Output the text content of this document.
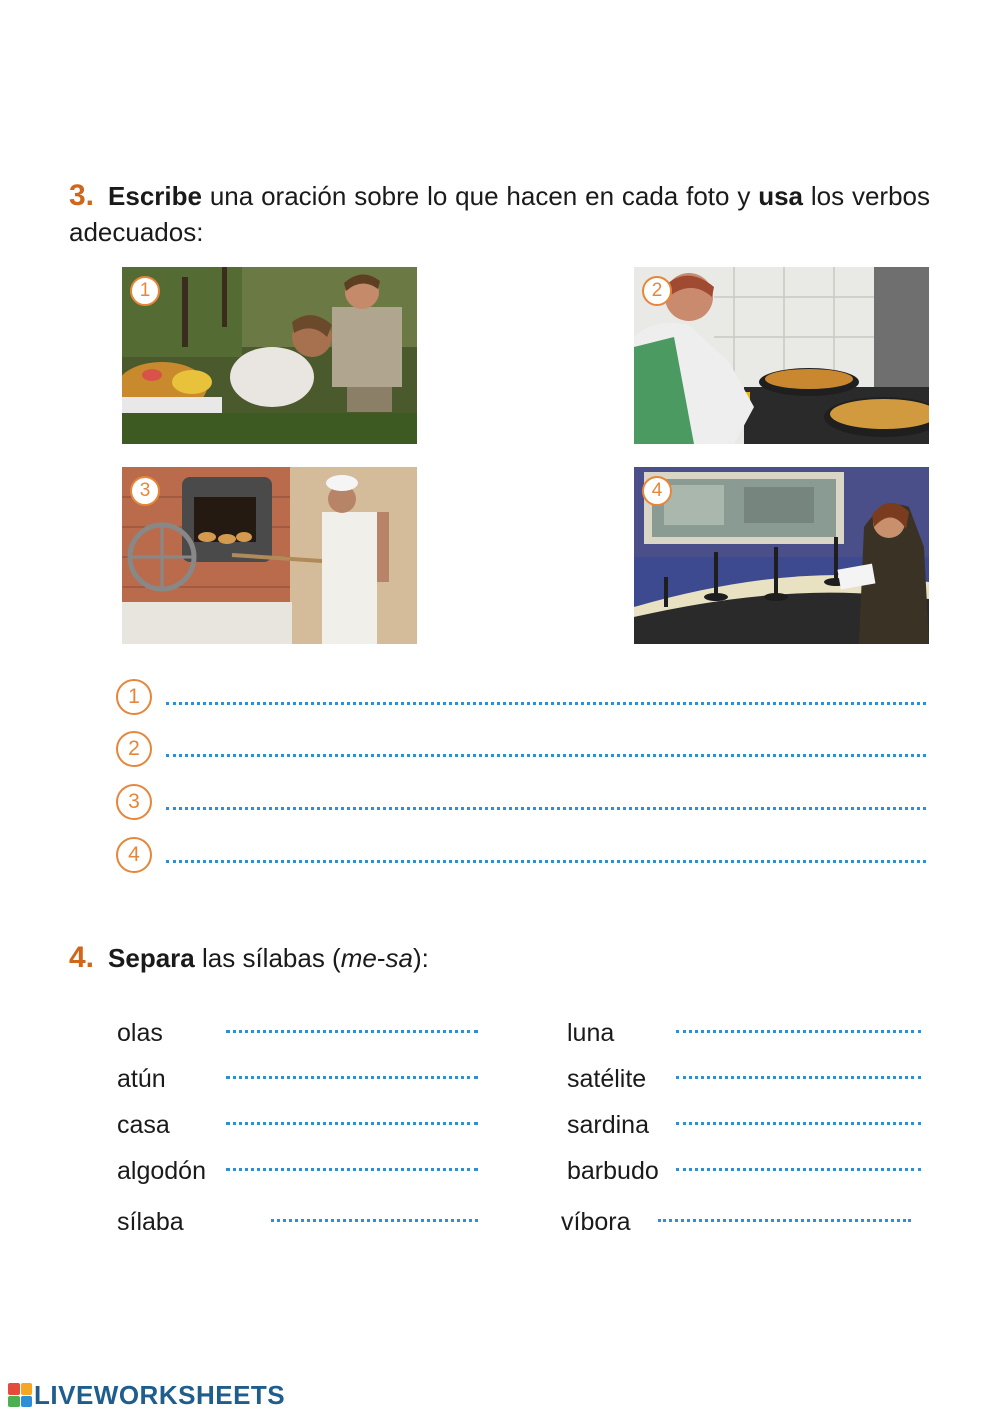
3. Escribe una oración sobre lo que hacen en cada foto y usa los verbos adecuados:
1	2
3	4
1
2
3
4
4. Separa las sílabas (me-sa):
olas
atún
casa
algodón
sílaba
luna
satélite
sardina
barbudo
víbora
LIVEWORKSHEETS
